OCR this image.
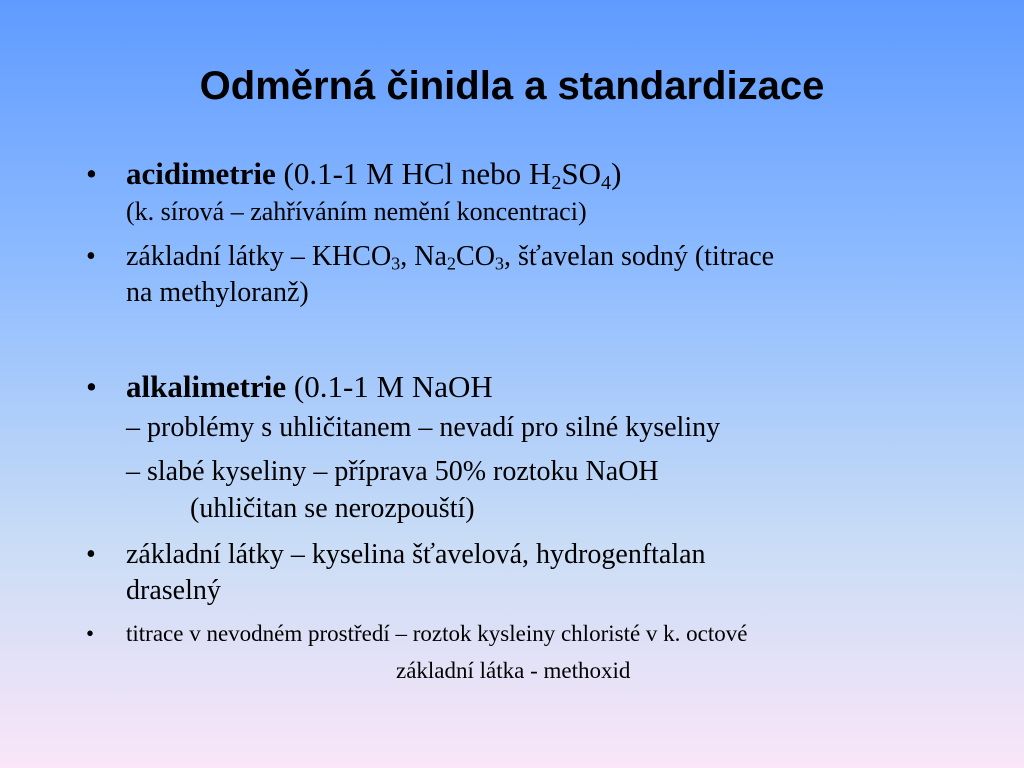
Odměrná činidla a standardizace
• acidimetrie (0.1-1 M HCl nebo $H_2SO_4$)
(k. sírová – zahříváním nemění koncentraci)
• základní látky – $KHCO_3$, $Na_2CO_3$, šťavelan sodný (titrace
na methyloranž)
• alkalimetrie (0.1-1 M NaOH
– problémy s uhličitanem – nevadí pro silné kyseliny
– slabé kyseliny – příprava 50% roztoku NaOH
(uhličitan se nerozpouští)
• základní látky – kyselina šťavelová, hydrogenftalan
draselný
• titrace v nevodném prostředí – roztok kysleiny chloristé v k. octové
základní látka - methoxid
